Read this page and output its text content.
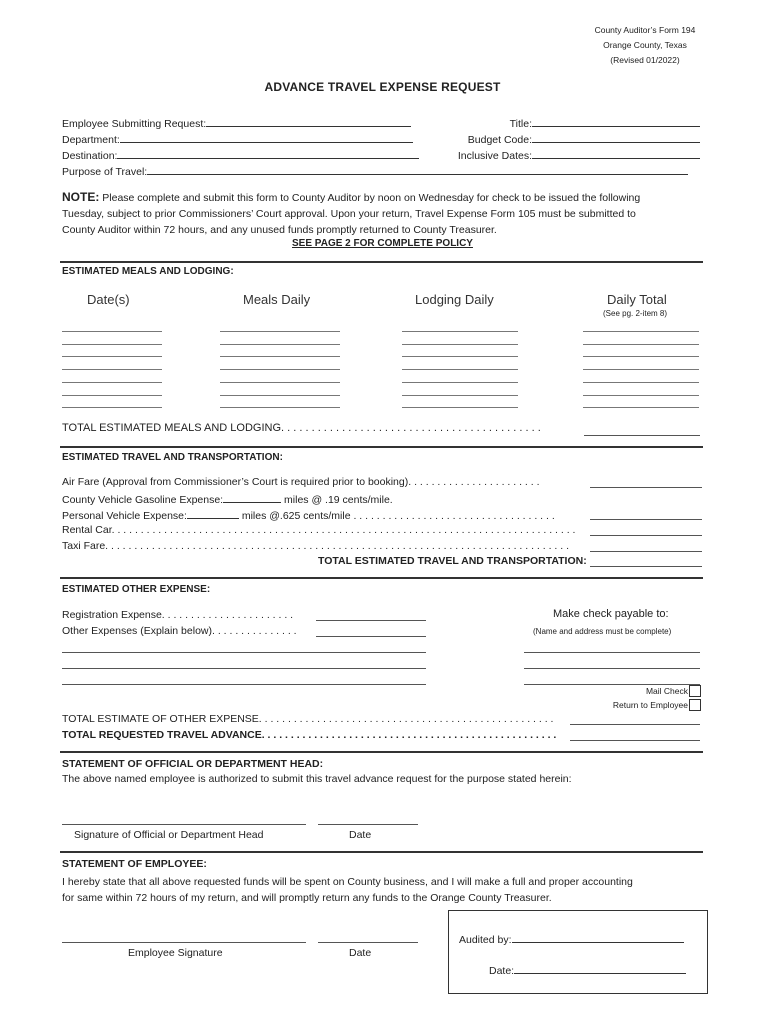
County Auditor’s Form 194
Orange County, Texas
(Revised 01/2022)
ADVANCE TRAVEL EXPENSE REQUEST
Employee Submitting Request:
Department:
Destination:
Purpose of Travel:
Title:
Budget Code:
Inclusive Dates:
NOTE: Please complete and submit this form to County Auditor by noon on Wednesday for check to be issued the following
Tuesday, subject to prior Commissioners’ Court approval. Upon your return, Travel Expense Form 105 must be submitted to
County Auditor within 72 hours, and any unused funds promptly returned to County Treasurer.
SEE PAGE 2 FOR COMPLETE POLICY
ESTIMATED MEALS AND LODGING:
Date(s)	Meals Daily	Lodging Daily	Daily Total
(See pg. 2-item 8)
TOTAL ESTIMATED MEALS AND LODGING. . . . . . . . . . . . . . . . . . . . . . . . . . . . . . . . . . . . . . . . . . .
ESTIMATED TRAVEL AND TRANSPORTATION:
Air Fare (Approval from Commissioner’s Court is required prior to booking). . . . . . . . . . . . . . . . . . . . . . .
County Vehicle Gasoline Expense:	miles @ .19 cents/mile.
Personal Vehicle Expense:	miles @.625 cents/mile . . . . . . . . . . . . . . . . . . . . . . . . . . . . . . . . . . .
Rental Car. . . . . . . . . . . . . . . . . . . . . . . . . . . . . . . . . . . . . . . . . . . . . . . . . . . . . . . . . . . . . . . . . . . . . . . . . . . . . . . .
Taxi Fare. . . . . . . . . . . . . . . . . . . . . . . . . . . . . . . . . . . . . . . . . . . . . . . . . . . . . . . . . . . . . . . . . . . . . . . . . . . . . . . .
TOTAL ESTIMATED TRAVEL AND TRANSPORTATION:
ESTIMATED OTHER EXPENSE:
Registration Expense. . . . . . . . . . . . . . . . . . . . . . .
Other Expenses (Explain below). . . . . . . . . . . . . . .
Make check payable to:
(Name and address must be complete)
Mail Check
Return to Employee
TOTAL ESTIMATE OF OTHER EXPENSE. . . . . . . . . . . . . . . . . . . . . . . . . . . . . . . . . . . . . . . . . . . . . . . . . . .
TOTAL REQUESTED TRAVEL ADVANCE. . . . . . . . . . . . . . . . . . . . . . . . . . . . . . . . . . . . . . . . . . . . . . . . . . .
STATEMENT OF OFFICIAL OR DEPARTMENT HEAD:
The above named employee is authorized to submit this travel advance request for the purpose stated herein:
Signature of Official or Department Head	Date
STATEMENT OF EMPLOYEE:
I hereby state that all above requested funds will be spent on County business, and I will make a full and proper accounting
for same within 72 hours of my return, and will promptly return any funds to the Orange County Treasurer.
Employee Signature	Date
Audited by:
Date:
